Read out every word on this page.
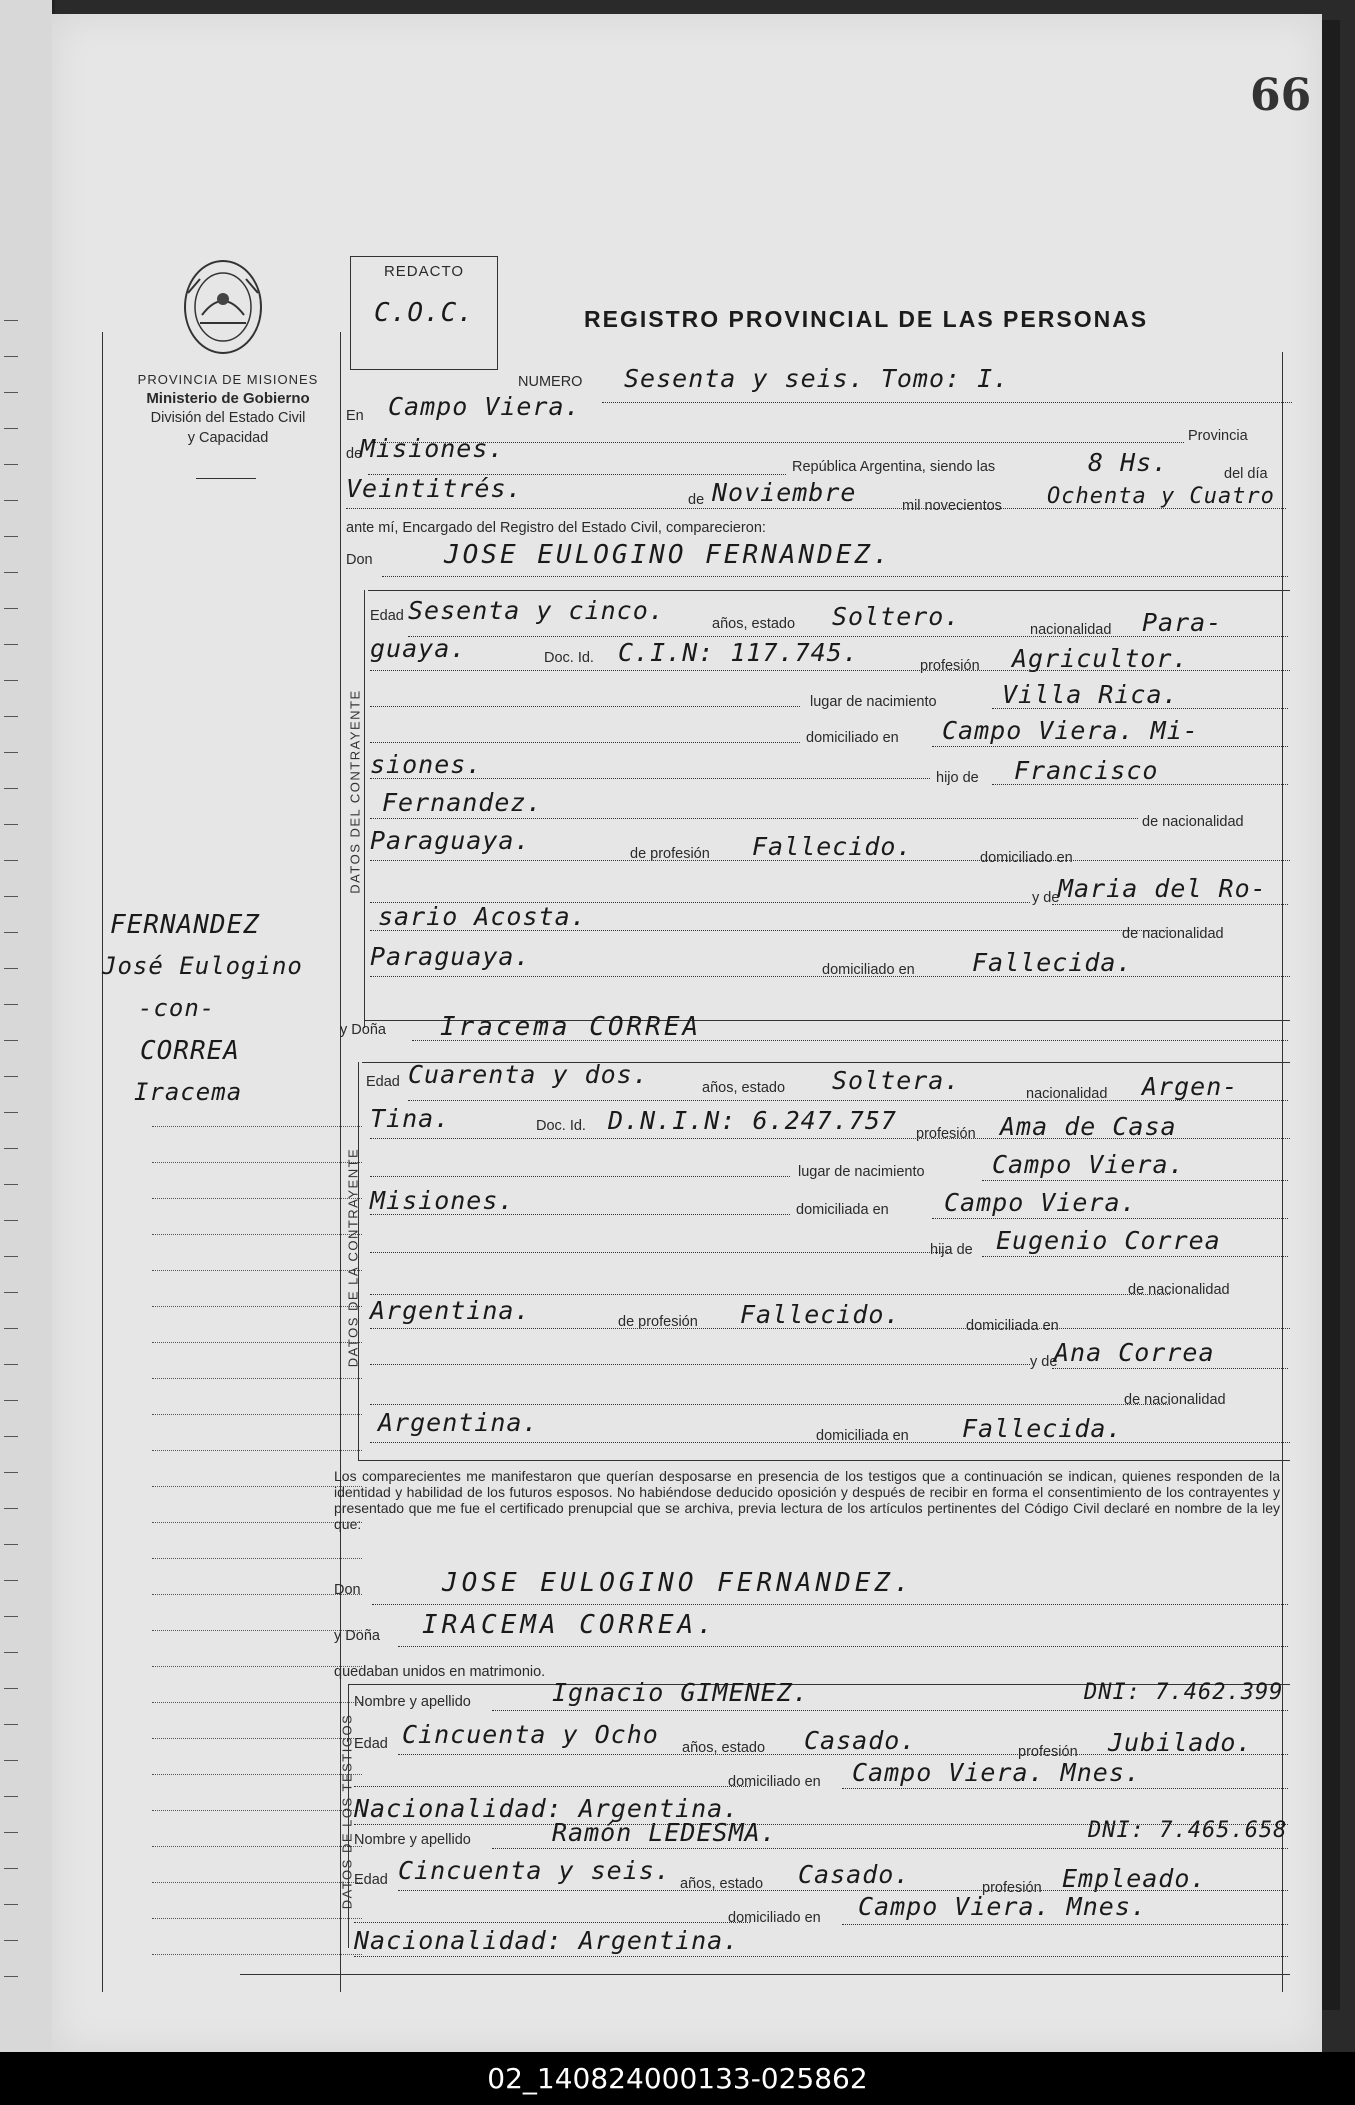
66
PROVINCIA DE MISIONES
Ministerio de Gobierno
División del Estado Civil
y Capacidad
REDACTO
C.O.C.	REGISTRO PROVINCIAL DE LAS PERSONAS
FERNANDEZ
José Eulogino
-con-
CORREA
Iracema
NUMERO Sesenta y seis. Tomo: I.
En Campo Viera.
Provincia
de
Misiones.
República Argentina, siendo las	8 Hs.	del día
Veintitrés.	de Noviembre	mil novecientos Ochenta y Cuatro
ante mí, Encargado del Registro del Estado Civil, comparecieron:
Don	JOSE EULOGINO FERNANDEZ.
DATOS DEL CONTRAYENTE
Edad Sesenta y cinco.	años, estado Soltero.	nacionalidad Para-
guaya.	Doc. Id. C.I.N: 117.745.	profesión Agricultor.
lugar de nacimiento	Villa Rica.
domiciliado en Campo Viera. Mi-
siones.	hijo de Francisco
Fernandez.
de nacionalidad
Paraguaya.	de profesión Fallecido.	domiciliado en
y de
Maria del Ro-
sario Acosta.
de nacionalidad
Paraguaya.	domiciliado en Fallecida.
y Doña Iracema CORREA
DATOS DE LA CONTRAYENTE
Edad Cuarenta y dos.	años, estado Soltera.	nacionalidad Argen-
Tina.	Doc. Id. D.N.I.N: 6.247.757 profesión Ama de Casa
lugar de nacimiento	Campo Viera.
Misiones.	domiciliada en Campo Viera.
hija de Eugenio Correa
de nacionalidad
Argentina.	de profesión Fallecido.	domiciliada en
y de
Ana Correa
de nacionalidad
Argentina.	domiciliada en Fallecida.
Los comparecientes me manifestaron que querían desposarse en presencia de los testigos que a continuación se indican, quienes responden de la identidad y habilidad de los futuros esposos. No habiéndose deducido oposición y después de recibir en forma el consentimiento de los contrayentes y presentado que me fue el certificado prenupcial que se archiva, previa lectura de los artículos pertinentes del Código Civil declaré en nombre de la ley que:
Don	JOSE EULOGINO FERNANDEZ.
y Doña IRACEMA CORREA.
quedaban unidos en matrimonio.
DATOS DE LOS TESTIGOS
Nombre y apellido	Ignacio GIMENEZ.	DNI: 7.462.399
Edad Cincuenta y Ocho años, estado Casado.	profesión Jubilado.
domiciliado en Campo Viera. Mnes.
Nacionalidad: Argentina.
Nombre y apellido	Ramón LEDESMA.	DNI: 7.465.658
Edad Cincuenta y seis. años, estado Casado.	profesión Empleado.
domiciliado en Campo Viera. Mnes.
Nacionalidad: Argentina.
02_140824000133-025862
